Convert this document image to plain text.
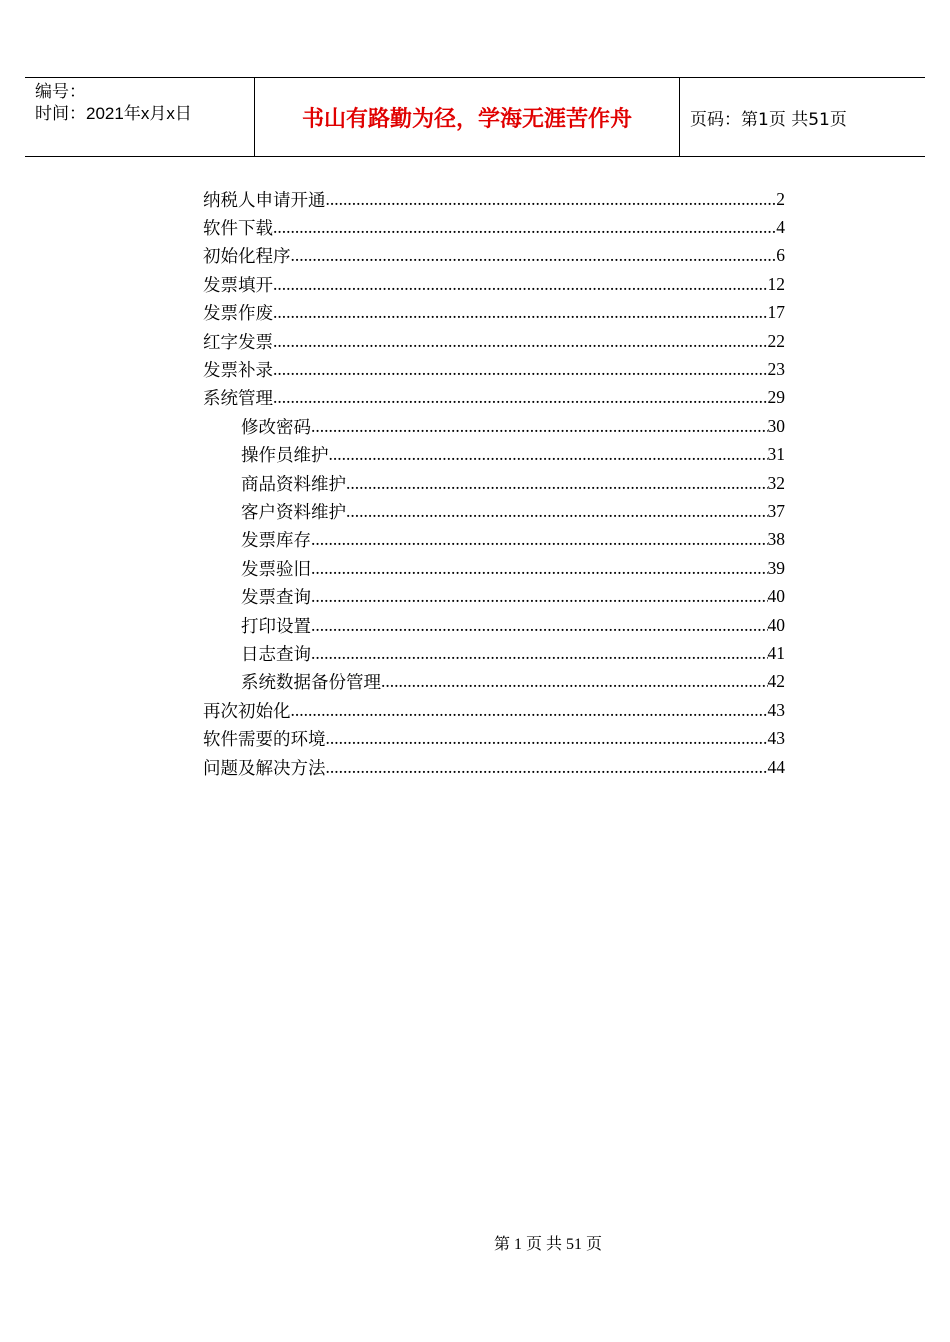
编号：
时间：2021年x月x日	书山有路勤为径，学海无涯苦作舟	页码：第1页 共51页
纳税人申请开通 .....	2
软件下载 .....	4
初始化程序 .....	6
发票填开 .....	12
发票作废 .....	17
红字发票 .....	22
发票补录 .....	23
系统管理 .....	29
修改密码 .....	30
操作员维护 .....	31
商品资料维护 .....	32
客户资料维护 .....	37
发票库存 .....	38
发票验旧 .....	39
发票查询 .....	40
打印设置 .....	40
日志查询 .....	41
系统数据备份管理 .....	42
再次初始化 .....	43
软件需要的环境 .....	43
问题及解决方法 .....	44
第 1 页 共 51 页
